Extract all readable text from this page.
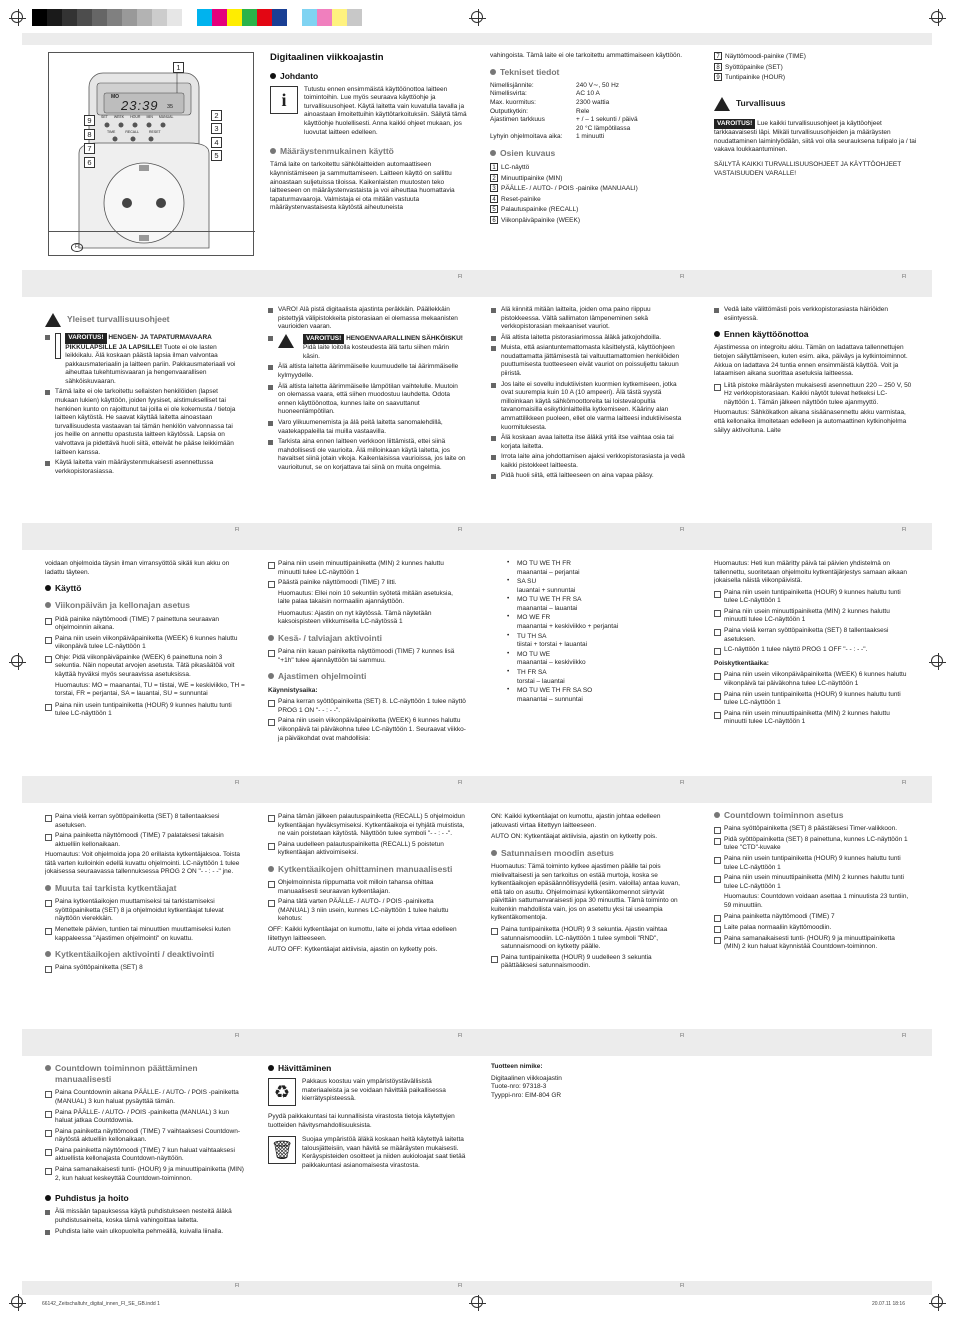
MO
23:39 35
SET WEEK HOUR MIN MANUAL
TIME	RECALL	RESET
1
2
3
4
5
9
8
7
6
FI
Digitaalinen viikkoajastin
Johdanto
i

Tutustu ennen ensimmäistä käyttöönottoa laitteen toimintoihin. Lue myös seuraava käyttöohje ja turvallisuusohjeet. Käytä laitetta vain kuvatulla tavalla ja ainoastaan ilmoitettuihin käyttötarkoituksiin. Säilytä tämä käyttöohje huolellisesti. Anna kaikki ohjeet mukaan, jos luovutat laitteen edelleen.

Määräystenmukainen käyttö

Tämä laite on tarkoitettu sähkölaitteiden automaattiseen käynnistämiseen ja sammuttamiseen. Laitteen käyttö on sallittu ainoastaan suljetuissa tiloissa. Kaikenlaisten muutosten teko laitteeseen on määräystenvastaista ja voi aiheuttaa huomattavia tapaturmavaaroja. Valmistaja ei ota mitään vastuuta määräystenvastaisesta käytöstä aiheutuneista

vahingoista. Tämä laite ei ole tarkoitettu ammattimaiseen käyttöön.

Tekniset tiedot
Nimellisjännite:	240 V∼, 50 Hz
Nimellisvirta:	AC 10 A
Max. kuormitus:	2300 wattia
Outputkytkin:	Rele
Ajastimen tarkkuus	+ / – 1 sekunti / päivä
20 °C lämpötilassa
Lyhyin ohjelmoitava aika:	1 minuutti
Osien kuvaus
1 LC-näyttö
2 Minuuttipainike (MIN)
3 PÄÄLLE- / AUTO- / POIS -painike (MANUAALI)
4 Reset-painike
5 Palautuspainike (RECALL)
6 Viikonpäiväpainike (WEEK)
7 Näyttömoodi-painike (TIME)
8 Syöttöpainike (SET)
9 Tuntipainike (HOUR)
Turvallisuus

VAROITUS! Lue kaikki turvallisuusohjeet ja käyttöohjeet tarkkaavaisesti läpi. Mikäli turvallisuusohjeiden ja määräysten noudattaminen laiminlyödään, siitä voi olla seurauksena tulipalo ja / tai vakava loukkaantuminen.

SÄILYTÄ KAIKKI TURVALLISUUSOHJEET JA KÄYTTÖOHJEET VASTAISUUDEN VARALLE!

Yleiset turvallisuusohjeet
VAROITUS! HENGEN- JA TAPATURMAVAARA PIKKULAPSILLE JA LAPSILLE! Tuote ei ole lasten leikkikalu. Älä koskaan päästä lapsia ilman valvontaa pakkausmateriaalin ja laitteen pariin. Pakkausmateriaali voi aiheuttaa tukehtumisvaaran ja hengenvaarallisen sähköiskuvaaran.
Tämä laite ei ole tarkoitettu sellaisten henkilöiden (lapset mukaan lukien) käyttöön, joiden fyysiset, aistimukselliset tai henkinen kunto on rajoittunut tai joilla ei ole kokemusta / tietoja laitteen käytöstä. He saavat käyttää laitetta ainoastaan turvallisuudesta vastaavan tai tämän henkilön valvonnassa tai jos heille on annettu opastusta laitteen käytössä. Lapsia on valvottava ja pidettävä huoli siitä, etteivät he pääse leikkimään laitteen kanssa.
Käytä laitetta vain määräystenmukaisesti asennettussa verkkopistorasiassa.
VARO! Älä pistä digitaalista ajastinta peräkkäin. Päällekkäin pistettyjä välipistokkeita pistorasiaan ei olemassa mekaanisten vaurioiden vaaran.
VAROITUS! HENGENVAARALLINEN SÄHKÖISKU! Pidä laite loitolla kosteudesta älä tartu siihen märin käsin.
Älä altista laitetta äärimmäiselle kuumuudelle tai äärimmäiselle kylmyydelle.
Älä altista laitetta äärimmäiselle lämpötilan vaihtelulle. Muutoin on olemassa vaara, että siihen muodostuu lauhdetta. Odota ennen käyttöönottoa, kunnes laite on saavuttanut huoneenlämpötilan.
Varo ylikuumenemista ja älä peitä laitetta sanomalehdillä, vaatekappaleilla tai muilla vastaavilla.
Tarkista aina ennen laitteen verkkoon liittämistä, ettei siinä mahdollisesti ole vaurioita. Älä milloinkaan käytä laitetta, jos havaitset siinä jotain vikoja. Kaikenlaisissa vaurioissa, jos laite on vaurioitunut, se on korjattava tai siinä on muita ongelmia.
Älä kiinnitä mitään laitteita, joiden oma paino riippuu pistokkeessa. Vältä sallimaton lämpeneminen sekä verkkopistorasian mekaaniset vauriot.
Älä altista laitetta pistorasiarimossa äläkä jatkojohdoilla.
Muista, että asiantuntemattomasta käsittelystä, käyttöohjeen noudattamatta jättämisestä tai valtuuttamattomien henkilöiden puuttumisesta tuotteeseen eivät vauriot on poissuljettu takuun piiristä.
Jos laite ei sovellu induktiivisten kuormien kytkemiseen, jotka ovat suurempia kuin 10 A (10 ampeeri). Älä tästä syystä milloinkaan käytä sähkömoottoreita tai loistevalopultia tavanomaisilla esikytkinlaitteilla kytkemiseen. Kääriny alan ammattilikkeen puoleen, ellet ole varma laitteesi induktiivisesta kuormituksesta.
Älä koskaan avaa laitetta itse äläkä yritä itse vaihtaa osia tai korjata laitetta.
Irrota laite aina johdottamisen ajaksi verkkopistorasiasta ja vedä kaikki pistokkeet laitteesta.
Pidä huoli siitä, että laitteeseen on aina vapaa pääsy.
Vedä laite välittömästi pois verkkopistorasiasta häiriöiden esiintyessä.
Ennen käyttöönottoa

Ajastimessa on integroitu akku. Tämän on ladattava tallennettujen tietojen säilyttämiseen, kuten esim. aika, päiväys ja kytkintoiminnot. Akkua on ladattava 24 tuntia ennen ensimmäistä käyttöä. Voit ja lataamisen aikana suorittaa asetuksia laitteessa.

Liitä pistoke määräysten mukaisesti asennettuun 220 – 250 V, 50 Hz verkkopistorasiaan. Kaikki näytöt tulevat hetkeksi LC-näyttöön 1. Tämän jälkeen näyttöön tulee ajanmyyttö.

Huomautus: Sähkökatkon aikana sisäänasennettu akku varmistaa, että kellonaika ilmoitetaan edelleen ja automaattinen kytkinohjelma säilyy aktivoituna. Laite

voidaan ohjelmoida täysin ilman virransyöttöä sikäli kun akku on ladattu täyteen.

Käyttö
Viikonpäivän ja kellonajan asetus
Pidä painike näyttömoodi (TIME) 7 painettuna seuraavan ohjelmoinnin aikana.
Paina niin usein viikonpäiväpainiketta (WEEK) 6 kunnes haluttu viikonpäivä tulee LC-näyttöön 1
Ohje: Pidä viikonpäiväpainike (WEEK) 6 painettuna noin 3 sekuntia. Näin nopeutat arvojen asetusta. Tätä pikasäätöä voit käyttää hyväksi myös seuraavissa asetuksissa.

Huomautus: MO = maanantai, TU = tiistai, WE = keskiviikko, TH = torstai, FR = perjantai, SA = lauantai, SU = sunnuntai

Paina niin usein tuntipainiketta (HOUR) 9 kunnes haluttu tunti tulee LC-näyttöön 1
Paina niin usein minuuttipainiketta (MIN) 2 kunnes haluttu minuutti tulee LC-näyttöön 1
Päästä painike näyttömoodi (TIME) 7 litti.

Huomautus: Ellei noin 10 sekuntiin syötetä mitään asetuksia, laite palaa takaisin normaaliin ajannäyttöön.

Huomautus: Ajastin on nyt käytössä. Tämä näytetään kaksoispisteen vilkkumisella LC-näytössä 1

Kesä- / talviajan aktivointi
Paina niin kauan painiketta näyttömoodi (TIME) 7 kunnes lisä "+1h" tulee ajannäyttöön tai sammuu.
Ajastimen ohjelmointi

Käynnistysaika:

Paina kerran syöttöpainiketta (SET) 8. LC-näyttöön 1 tulee näyttö PROG 1 ON "- - : - -".
Paina niin usein viikonpäiväpainiketta (WEEK) 6 kunnes haluttu viikonpäivä tai päiväkohna tulee LC-näyttöön 1. Seuraavat viikko- ja päiväkohdat ovat mahdollisia:
• MO TU WE TH FR
maanantai – perjantai
• SA SU
lauantai + sunnuntai
• MO TU WE TH FR SA
maanantai – lauantai
• MO WE FR
maanantai + keskiviikko + perjantai
• TU TH SA
tiistai + torstai + lauantai
• MO TU WE
maanantai – keskiviikko
• TH FR SA
torstai – lauantai
• MO TU WE TH FR SA SO
maanantai – sunnuntai

Huomautus: Heti kun määritty päivä tai päivien yhdistelmä on tallennettu, suoritetaan ohjelmoitu kytkentäjärjestys samaan aikaan jokaisella näistä viikonpäivistä.

Paina niin usein tuntipainiketta (HOUR) 9 kunnes haluttu tunti tulee LC-näyttöön 1
Paina niin usein minuuttipainiketta (MIN) 2 kunnes haluttu minuutti tulee LC-näyttöön 1
Paina vielä kerran syöttöpainiketta (SET) 8 tallentaaksesi asetuksen.
LC-näyttöön 1 tulee näyttö PROG 1 OFF "- - : - -".

Poiskytkentäaika:

Paina niin usein viikonpäiväpainiketta (WEEK) 6 kunnes haluttu viikonpäivä tai päiväkohna tulee LC-näyttöön 1
Paina niin usein tuntipainiketta (HOUR) 9 kunnes haluttu tunti tulee LC-näyttöön 1
Paina niin usein minuuttipainiketta (MIN) 2 kunnes haluttu minuutti tulee LC-näyttöön 1
Paina vielä kerran syöttöpainiketta (SET) 8 tallentaaksesi asetuksen.
Paina painiketta näyttömoodi (TIME) 7 palataksesi takaisin aktuelliin kellonaikaan.

Huomautus: Voit ohjelmoida jopa 20 erillaista kytkentäjaksoa. Toista tätä varten kulloinkin edellä kuvattu ohjelmointi. LC-näyttöön 1 tulee jokaisessa seuraavassa tallennuksessa PROG 2 ON "- - : - -" jne.

Muuta tai tarkista kytkentäajat
Paina kytkentäaikojen muuttamiseksi tai tarkistamiseksi syöttöpainiketta (SET) 8 ja ohjelmoidut kytkentäajat tulevat näyttöön vierekkäin.
Menettele päivien, tuntien tai minuuttien muuttamiseksi kuten kappaleessa "Ajastimen ohjelmointi" on kuvattu.
Kytkentäaikojen aktivointi / deaktivointi
Paina syöttöpainiketta (SET) 8
Paina tämän jälkeen palautuspainiketta (RECALL) 5 ohjelmoidun kytkentäajan hyväksymiseksi. Kytkentäaikoja ei tyhjätä muistista, ne vain poistetaan käytöstä. Näyttöön tulee symboli "- - : - -".
Paina uudelleen palautuspainiketta (RECALL) 5 poistetun kytkentäajan aktivoimiseksi.
Kytkentäaikojen ohittaminen manuaalisesti
Ohjelmoinnista riippumatta voit milloin tahansa ohittaa manuaalisesti seuraavan kytkentäajan.
Paina tätä varten PÄÄLLE- / AUTO- / POIS -painiketta (MANUAL) 3 niin usein, kunnes LC-näyttöön 1 tulee haluttu kehotus:

OFF: Kaikki kytkentäajat on kumottu, laite ei johda virtaa edelleen liitettyyn laitteeseen.

AUTO OFF: Kytkentäajat aktiivisia, ajastin on kytketty pois.

ON: Kaikki kytkentäajat on kumottu, ajastin johtaa edelleen jatkuvasti virtaa liitettyyn laitteeseen.

AUTO ON: Kytkentäajat aktiivisia, ajastin on kytketty pois.

Satunnaisen moodin asetus

Huomautus: Tämä toiminto kytkee ajastimen päälle tai pois mielivaltaisesti ja sen tarkoitus on estää murtoja, koska se kytkentäaikojen epäsäännöllisyydellä (esim. valoilla) antaa kuvan, että talo on asuttu. Ohjelmoimasi kytkentäkomennot siirtyvät päivittäin sattumanvaraisesti jopa 30 minuuttia. Tämä toiminto on kuitenkin mahdollista vain, jos on asetettu yksi tai useampia kytkentäkomentoja.

Paina tuntipainiketta (HOUR) 9 3 sekuntia. Ajastin vaihtaa satunnaismoodiin. LC-näyttöön 1 tulee symboli "RND", satunnaismoodi on kytketty päälle.
Paina tuntipainiketta (HOUR) 9 uudelleen 3 sekuntia päättääksesi satunnaismoodin.
Countdown toiminnon asetus
Paina syöttöpainiketta (SET) 8 päästäksesi Timer-valikkoon.
Pidä syöttöpainiketta (SET) 8 painettuna, kunnes LC-näyttöön 1 tulee "CTD"-kuvake
Paina niin usein tuntipainiketta (HOUR) 9 kunnes haluttu tunti tulee LC-näyttöön 1
Paina niin usein minuuttipainiketta (MIN) 2 kunnes haluttu tunti tulee LC-näyttöön 1

Huomautus: Countdown voidaan asettaa 1 minuutista 23 tuntiin, 59 minuuttiin.

Paina painiketta näyttömoodi (TIME) 7
Laite palaa normaaliin käyttömoodiin.
Paina samanaikaisesti tunti- (HOUR) 9 ja minuuttipainiketta (MIN) 2 kun haluat käynnistää Countdown-toiminnon.
Countdown toiminnon päättäminen manuaalisesti
Paina Countdownin aikana PÄÄLLE- / AUTO- / POIS -painiketta (MANUAL) 3 kun haluat pysäyttää tämän.
Paina PÄÄLLE- / AUTO- / POIS -painiketta (MANUAL) 3 kun haluat jatkaa Countdownia.
Paina painiketta näyttömoodi (TIME) 7 vaihtaaksesi Countdown-näytöstä aktuelliin kellonaikaan.
Paina painiketta näyttömoodi (TIME) 7 kun haluat vaihtaaksesi aktuellista kellonajasta Countdown-näyttöön.
Paina samanaikaisesti tunti- (HOUR) 9 ja minuuttipainiketta (MIN) 2, kun haluat keskeyttää Countdown-toiminnon.
Puhdistus ja hoito
Älä missään tapauksessa käytä puhdistukseen nesteitä äläkä puhdistusaineita, koska tämä vahingoittaa laitetta.
Puhdista laite vain ulkopuolelta pehmeällä, kuivalla liinalla.
Hävittäminen
♻

Pakkaus koostuu vain ympäristöystävällisistä materiaaleista ja se voidaan hävittää paikallisessa kierrätyspisteessä.

Pyydä paikkakuntasi tai kunnallisista virastosta tietoja käytettyjen tuotteiden hävitysmahdollisuuksista.

🗑

Suojaa ympäristöä äläkä koskaan heitä käytettyä laitetta talousjätteisiin, vaan hävitä se määräysten mukaisesti. Keräyspisteiden osoitteet ja niiden aukioloajat saat tietää paikkakuntasi asianomaisesta virastosta.

Tuotteen nimike:

Digitaalinen viikkoajastin

Tuote-nro: 97318-3

Tyyppi-nro: EIM-804 GR

FI	FI	FI
FI	FI	FI	FI
FI	FI	FI	FI
FI	FI	FI	FI
FI	FI	FI
66142_Zeitschaltuhr_digital_innen_FI_SE_GB.indd 1	20.07.11 18:16
